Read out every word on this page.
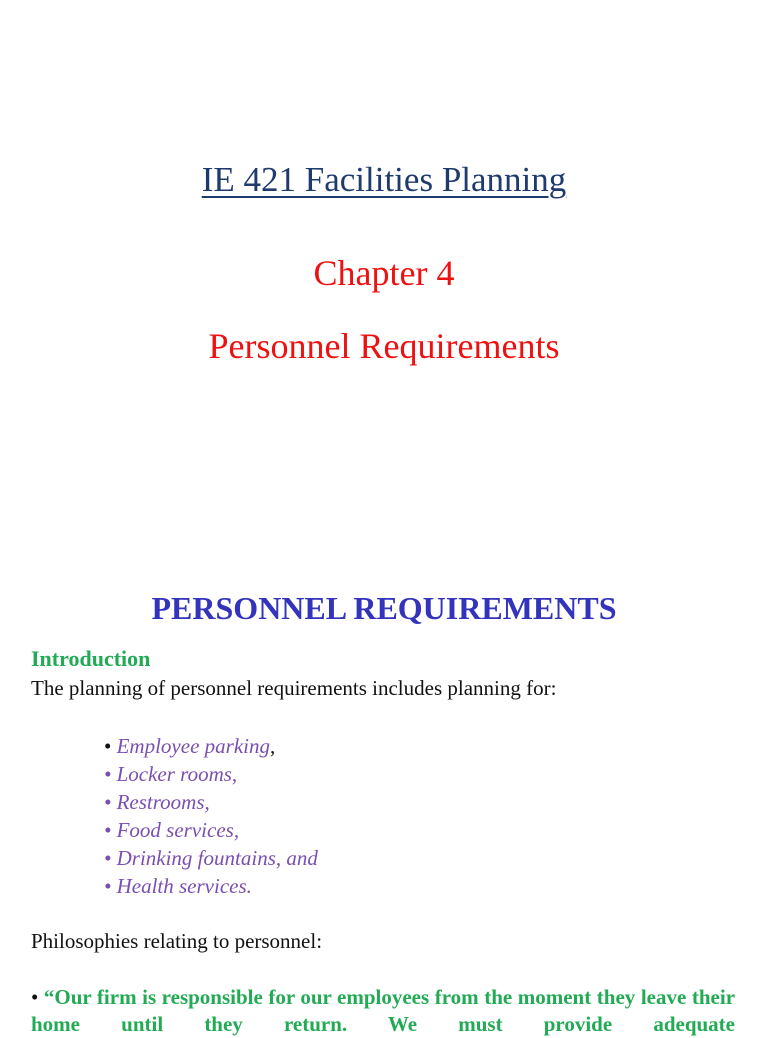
IE 421 Facilities Planning
Chapter 4
Personnel Requirements
PERSONNEL REQUIREMENTS
Introduction
The planning of personnel requirements includes planning for:
• Employee parking,
• Locker rooms,
• Restrooms,
• Food services,
• Drinking fountains, and
• Health services.
Philosophies relating to personnel:
• “Our firm is responsible for our employees from the moment they leave their home until they return. We must provide adequate
